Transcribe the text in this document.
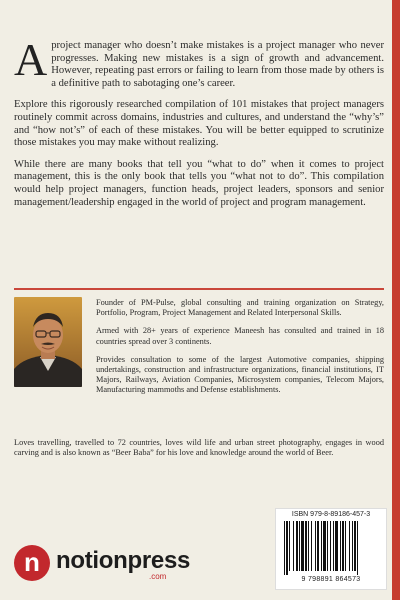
A project manager who doesn’t make mistakes is a project manager who never progresses. Making new mistakes is a sign of growth and advancement. However, repeating past errors or failing to learn from those made by others is a definitive path to sabotaging one’s career.

Explore this rigorously researched compilation of 101 mistakes that project managers routinely commit across domains, industries and cultures, and understand the “why’s” and “how not’s” of each of these mistakes. You will be better equipped to scrutinize those mistakes you may make without realizing.

While there are many books that tell you “what to do” when it comes to project management, this is the only book that tells you “what not to do”. This compilation would help project managers, function heads, project leaders, sponsors and senior management/leadership engaged in the world of project and program management.

Founder of PM-Pulse, global consulting and training organization on Strategy, Portfolio, Program, Project Management and Related Interpersonal Skills.

Armed with 28+ years of experience Maneesh has consulted and trained in 18 countries spread over 3 continents.

Provides consultation to some of the largest Automotive companies, shipping undertakings, construction and infrastructure organizations, financial institutions, IT Majors, Railways, Aviation Companies, Microsystem companies, Telecom Majors, Manufacturing mammoths and Defense establishments.

Loves travelling, travelled to 72 countries, loves wild life and urban street photography, engages in wood carving and is also known as “Beer Baba” for his love and knowledge around the world of Beer.

ISBN 979-8-89186-457-3
9 798891 864573
n notionpress
.com
